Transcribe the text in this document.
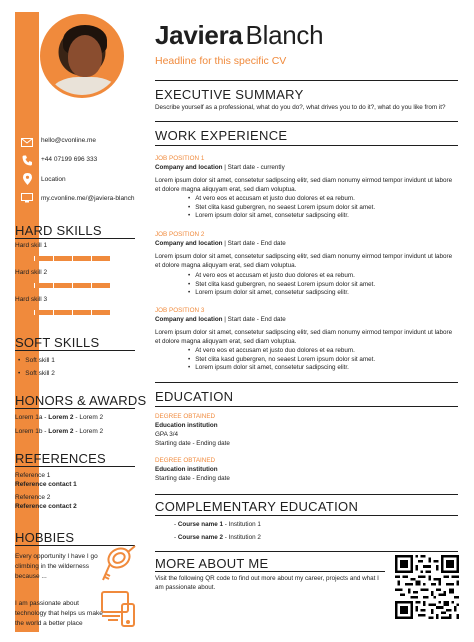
Javiera Blanch
Headline for this specific CV
hello@cvonline.me
+44 07199 696 333
Location
my.cvonline.me/@javiera-blanch
HARD SKILLS
Hard skill 1
Hard skill 2
Hard skill 3
SOFT SKILLS
• Soft skill 1
• Soft skill 2
HONORS & AWARDS
Lorem 1a - Lorem 2 - Lorem 2
Lorem 1b - Lorem 2 - Lorem 2
REFERENCES
Reference 1
Reference contact 1
Reference 2
Reference contact 2
HOBBIES
Every opportunity I have I go
climbing in the wilderness
because ...
I am passionate about
technology that helps us make
the world a better place
EXECUTIVE SUMMARY
Describe yourself as a professional, what do you do?, what drives you to do it?, what do you like from it?
WORK EXPERIENCE
JOB POSITION 1
Company and location | Start date - currently
Lorem ipsum dolor sit amet, consetetur sadipscing elitr, sed diam nonumy eirmod tempor invidunt ut labore et dolore magna aliquyam erat, sed diam voluptua.
• At vero eos et accusam et justo duo dolores et ea rebum.
• Stet clita kasd gubergren, no seaest Lorem ipsum dolor sit amet.
• Lorem ipsum dolor sit amet, consetetur sadipscing elitr.
JOB POSITION 2
Company and location | Start date - End date
Lorem ipsum dolor sit amet, consetetur sadipscing elitr, sed diam nonumy eirmod tempor invidunt ut labore et dolore magna aliquyam erat, sed diam voluptua.
• At vero eos et accusam et justo duo dolores et ea rebum.
• Stet clita kasd gubergren, no seaest Lorem ipsum dolor sit amet.
• Lorem ipsum dolor sit amet, consetetur sadipscing elitr.
JOB POSITION 3
Company and location | Start date - End date
Lorem ipsum dolor sit amet, consetetur sadipscing elitr, sed diam nonumy eirmod tempor invidunt ut labore et dolore magna aliquyam erat, sed diam voluptua.
• At vero eos et accusam et justo duo dolores et ea rebum.
• Stet clita kasd gubergren, no seaest Lorem ipsum dolor sit amet.
• Lorem ipsum dolor sit amet, consetetur sadipscing elitr.
EDUCATION
DEGREE OBTAINED
Education institution
GPA 3/4
Starting date - Ending date
DEGREE OBTAINED
Education institution
Starting date - Ending date
COMPLEMENTARY EDUCATION
- Course name 1 - Institution 1
- Course name 2 - Institution 2
MORE ABOUT ME
Visit the following QR code to find out more about my career, projects and what I am passionate about.
